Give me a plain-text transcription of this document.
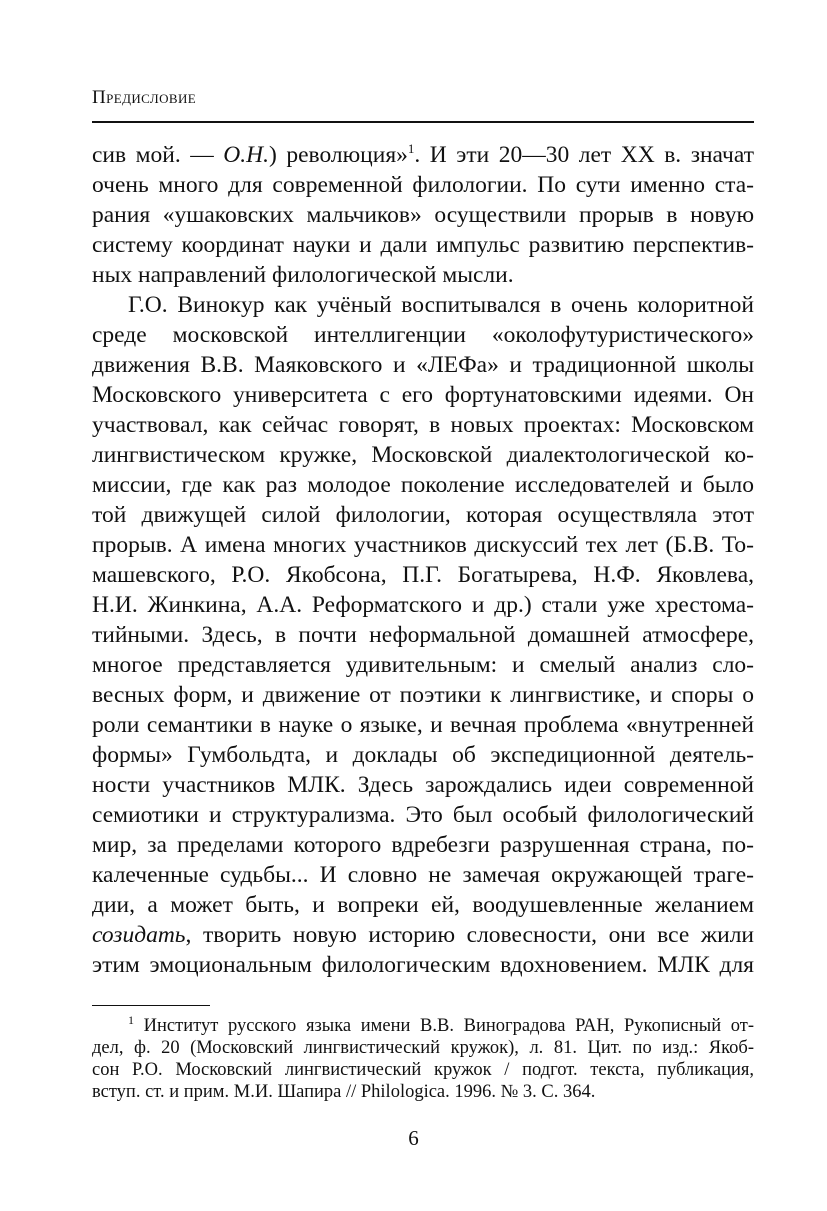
Предисловие
сив мой. — О.Н.) революция»$^1$. И эти 20—30 лет XX в. значат
очень много для современной филологии. По сути именно ста-
рания «ушаковских мальчиков» осуществили прорыв в новую
систему координат науки и дали импульс развитию перспектив-
ных направлений филологической мысли.
Г.О. Винокур как учёный воспитывался в очень колоритной
среде московской интеллигенции «околофутуристического»
движения В.В. Маяковского и «ЛЕФа» и традиционной школы
Московского университета с его фортунатовскими идеями. Он
участвовал, как сейчас говорят, в новых проектах: Московском
лингвистическом кружке, Московской диалектологической ко-
миссии, где как раз молодое поколение исследователей и было
той движущей силой филологии, которая осуществляла этот
прорыв. А имена многих участников дискуссий тех лет (Б.В. То-
машевского, Р.О. Якобсона, П.Г. Богатырева, Н.Ф. Яковлева,
Н.И. Жинкина, А.А. Реформатского и др.) стали уже хрестома-
тийными. Здесь, в почти неформальной домашней атмосфере,
многое представляется удивительным: и смелый анализ сло-
весных форм, и движение от поэтики к лингвистике, и споры о
роли семантики в науке о языке, и вечная проблема «внутренней
формы» Гумбольдта, и доклады об экспедиционной деятель-
ности участников МЛК. Здесь зарождались идеи современной
семиотики и структурализма. Это был особый филологический
мир, за пределами которого вдребезги разрушенная страна, по-
калеченные судьбы... И словно не замечая окружающей траге-
дии, а может быть, и вопреки ей, воодушевленные желанием
созидать, творить новую историю словесности, они все жили
этим эмоциональным филологическим вдохновением. МЛК для
$^1$ Институт русского языка имени В.В. Виноградова РАН, Рукописный от-
дел, ф. 20 (Московский лингвистический кружок), л. 81. Цит. по изд.: Якоб-
сон Р.О. Московский лингвистический кружок / подгот. текста, публикация,
вступ. ст. и прим. М.И. Шапира // Philologica. 1996. № 3. С. 364.
6
